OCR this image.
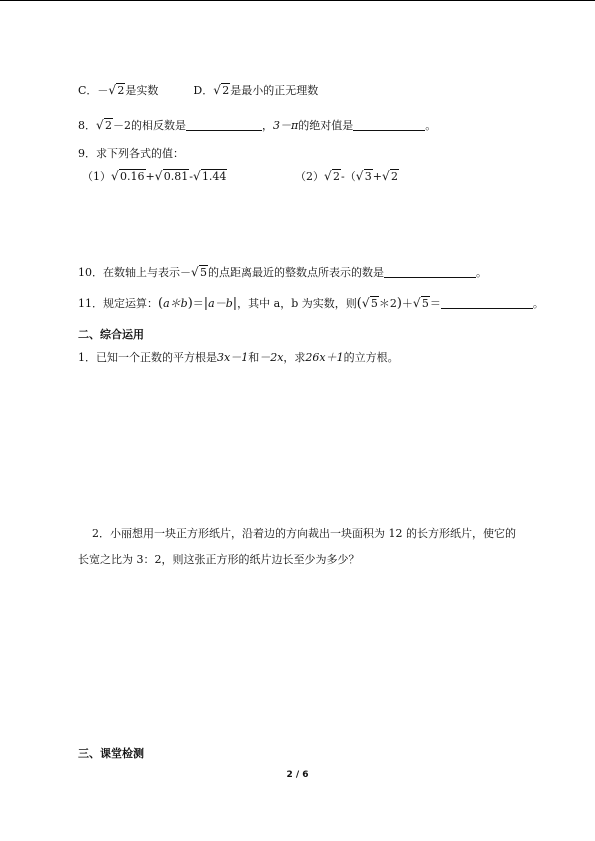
C．－ √ 2是实数	D． √ 2是最小的正无理数
8． √ 2－2的相反数是	，3－π的绝对值是	。
9．求下列各式的值：
（1） √ 0.16+ √ 0.81- √ 1.44	（2） √ 2-（ √ 3+ √ 2
10．在数轴上与表示－ √ 5的点距离最近的整数点所表示的数是	。
11．规定运算：(a＊b)＝|a－b|，其中 a，b 为实数，则( √ 5＊2)＋ √ 5＝	。
二、综合运用
1．已知一个正数的平方根是3x－1和－2x，求26x＋1的立方根。
2．小丽想用一块正方形纸片，沿着边的方向裁出一块面积为 12 的长方形纸片，使它的
长宽之比为 3：2，则这张正方形的纸片边长至少为多少？
三、课堂检测
2 / 6
